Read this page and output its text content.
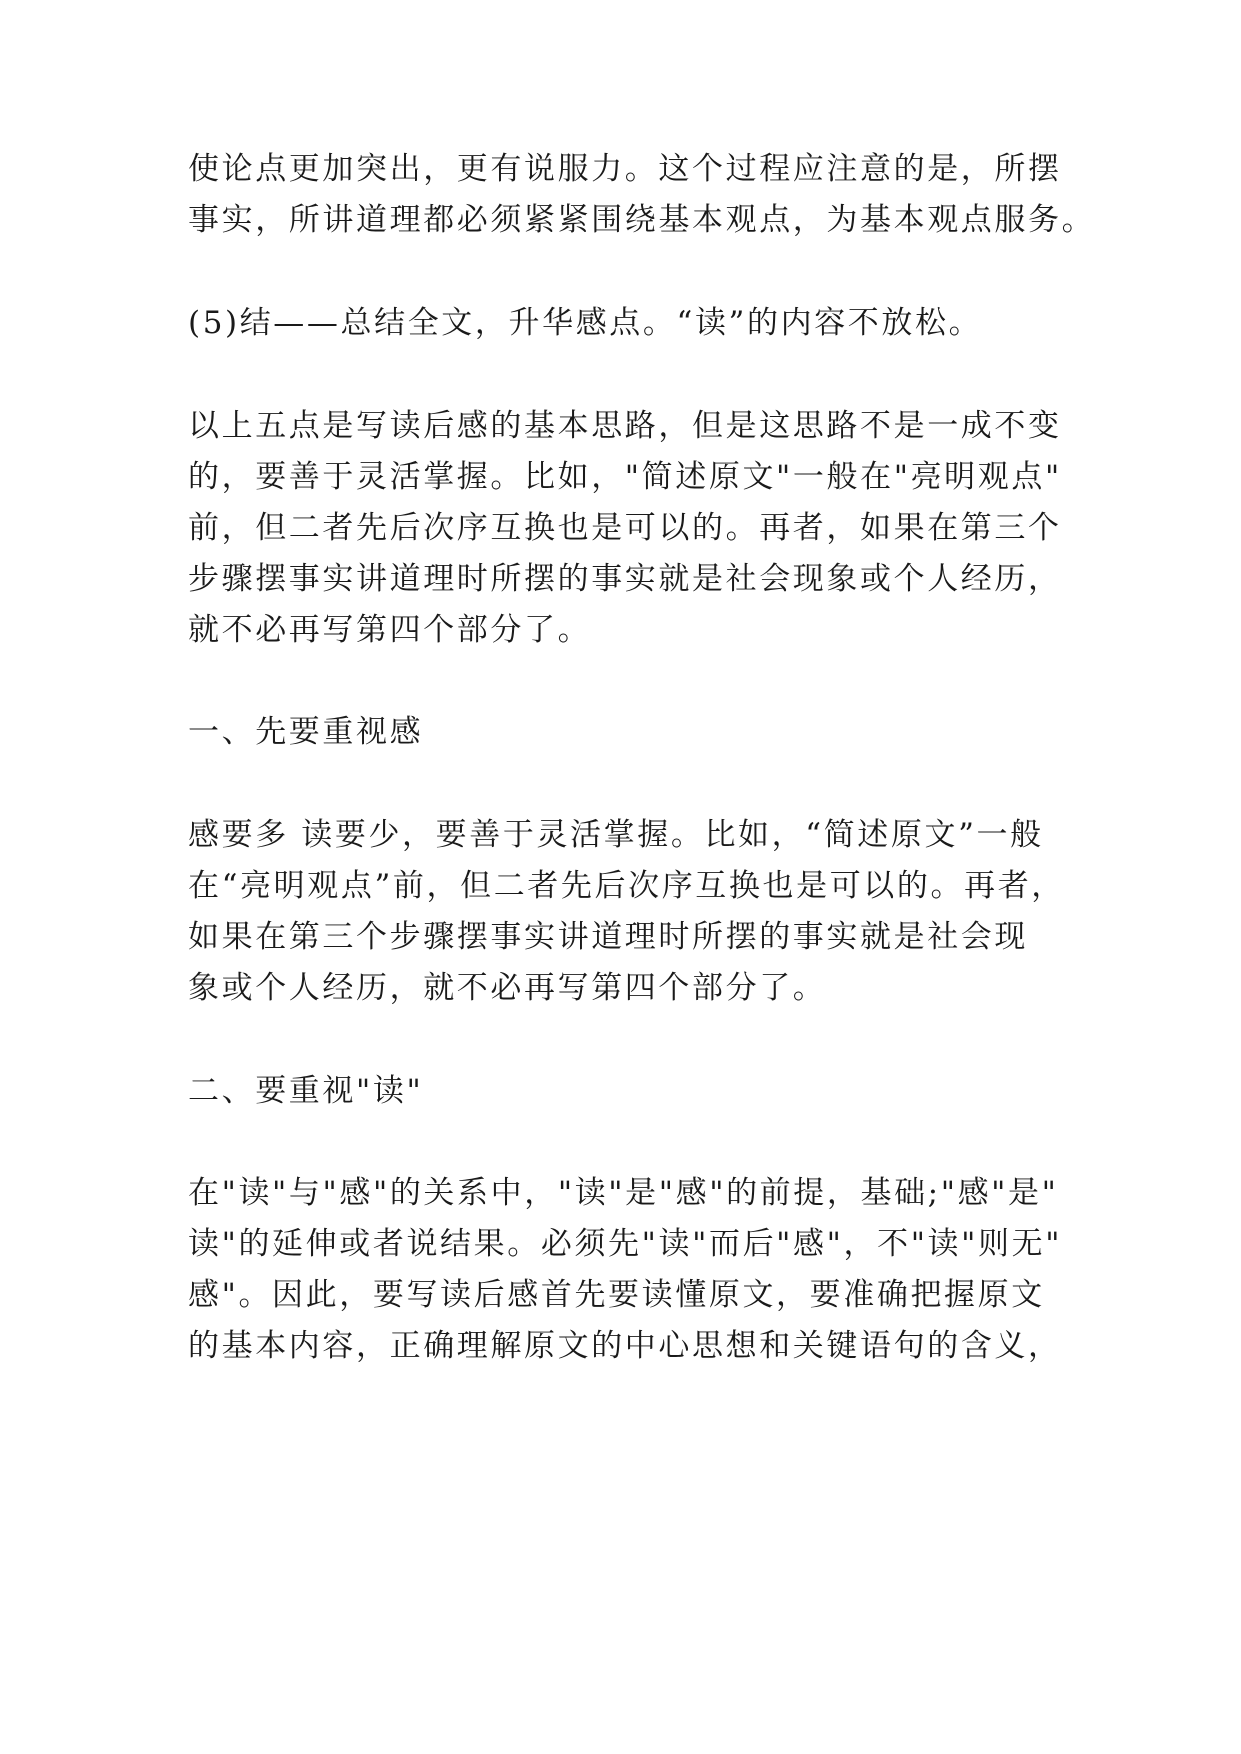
使论点更加突出，更有说服力。这个过程应注意的是，所摆
事实，所讲道理都必须紧紧围绕基本观点，为基本观点服务。
(5)结——总结全文，升华感点。“读”的内容不放松。
以上五点是写读后感的基本思路，但是这思路不是一成不变
的，要善于灵活掌握。比如，"简述原文"一般在"亮明观点"
前，但二者先后次序互换也是可以的。再者，如果在第三个
步骤摆事实讲道理时所摆的事实就是社会现象或个人经历，
就不必再写第四个部分了。
一、先要重视感
感要多 读要少，要善于灵活掌握。比如，“简述原文”一般
在“亮明观点”前，但二者先后次序互换也是可以的。再者，
如果在第三个步骤摆事实讲道理时所摆的事实就是社会现
象或个人经历，就不必再写第四个部分了。
二、要重视"读"
在"读"与"感"的关系中，"读"是"感"的前提，基础;"感"是"
读"的延伸或者说结果。必须先"读"而后"感"，不"读"则无"
感"。因此，要写读后感首先要读懂原文，要准确把握原文
的基本内容，正确理解原文的中心思想和关键语句的含义，
